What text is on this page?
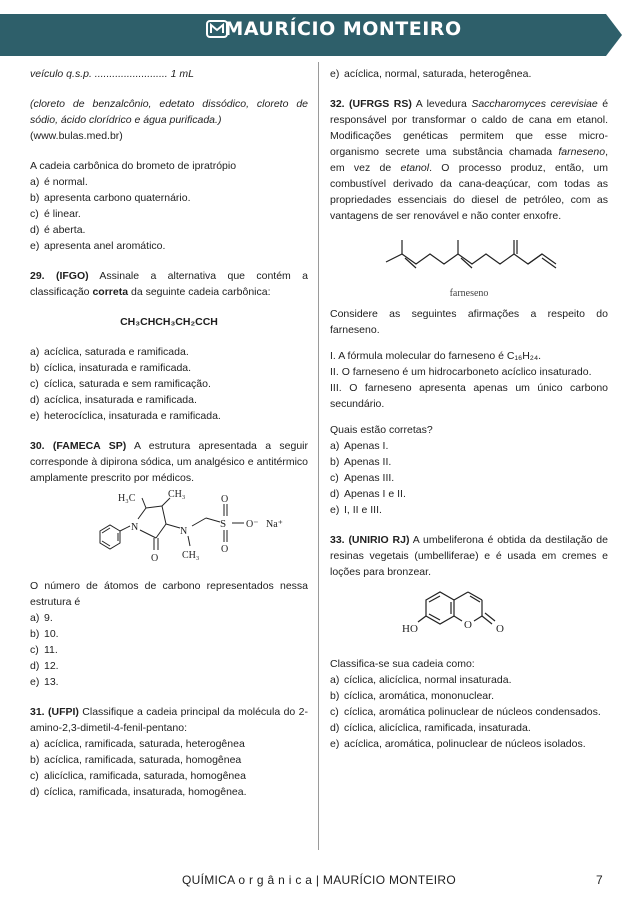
MAURÍCIO MONTEIRO

veículo q.s.p. ......................... 1 mL

(cloreto de benzalcônio, edetato dissódico, cloreto de sódio, ácido clorídrico e água purificada.)

(www.bulas.med.br)

A cadeia carbônica do brometo de ipratrópio

a) é normal.

b) apresenta carbono quaternário.

c) é linear.

d) é aberta.

e) apresenta anel aromático.

29. (IFGO) Assinale a alternativa que contém a classificação correta da seguinte cadeia carbônica:

CH₃CHCH₃CH₂CCH

a) acíclica, saturada e ramificada.

b) cíclica, insaturada e ramificada.

c) cíclica, saturada e sem ramificação.

d) acíclica, insaturada e ramificada.

e) heterocíclica, insaturada e ramificada.

30. (FAMECA SP) A estrutura apresentada a seguir corresponde à dipirona sódica, um analgésico e antitérmico amplamente prescrito por médicos.

H₃C	CH₃
N	N
O CH₃
S
O
O
O⁻ Na⁺

O número de átomos de carbono representados nessa estrutura é

a) 9.

b) 10.

c) 11.

d) 12.

e) 13.

31. (UFPI) Classifique a cadeia principal da molécula do 2-amino-2,3-dimetil-4-fenil-pentano:

a) acíclica, ramificada, saturada, heterogênea

b) acíclica, ramificada, saturada, homogênea

c) alicíclica, ramificada, saturada, homogênea

d) cíclica, ramificada, insaturada, homogênea.

e) acíclica, normal, saturada, heterogênea.

32. (UFRGS RS) A levedura Saccharomyces cerevisiae é responsável por transformar o caldo de cana em etanol. Modificações genéticas permitem que esse micro-organismo secrete uma substância chamada farneseno, em vez de etanol. O processo produz, então, um combustível derivado da cana-deaçúcar, com todas as propriedades essenciais do diesel de petróleo, com as vantagens de ser renovável e não conter enxofre.

farneseno

Considere as seguintes afirmações a respeito do farneseno.

I. A fórmula molecular do farneseno é C₁₆H₂₄.

II. O farneseno é um hidrocarboneto acíclico insaturado.

III. O farneseno apresenta apenas um único carbono secundário.

Quais estão corretas?

a) Apenas I.

b) Apenas II.

c) Apenas III.

d) Apenas I e II.

e) I, II e III.

33. (UNIRIO RJ) A umbeliferona é obtida da destilação de resinas vegetais (umbelliferae) e é usada em cremes e loções para bronzear.

HO	O O

Classifica-se sua cadeia como:

a) cíclica, alicíclica, normal insaturada.

b) cíclica, aromática, mononuclear.

c) cíclica, aromática polinuclear de núcleos condensados.

d) cíclica, alicíclica, ramificada, insaturada.

e) acíclica, aromática, polinuclear de núcleos isolados.

QUÍMICA o r g â n i c a | MAURÍCIO MONTEIRO	7
